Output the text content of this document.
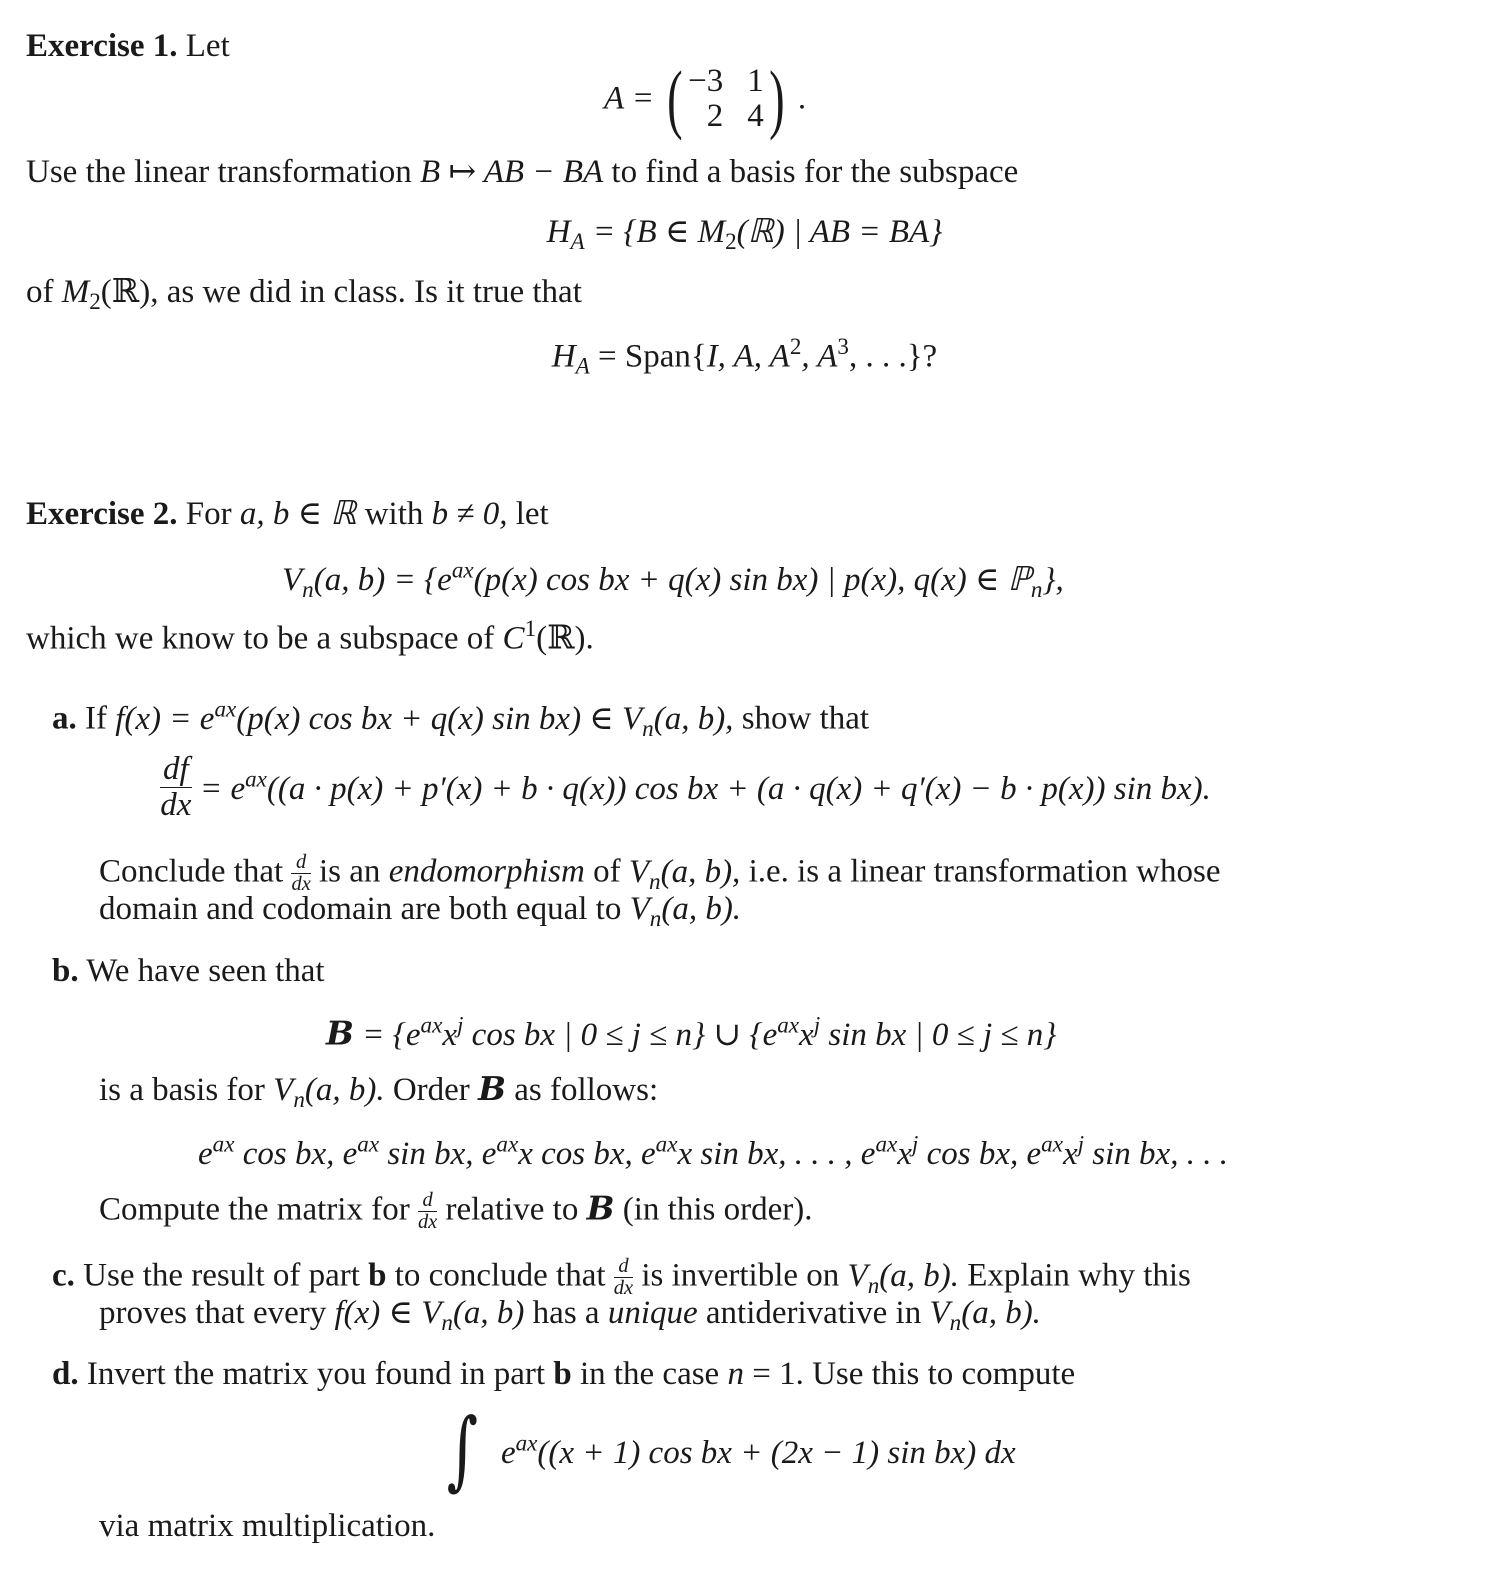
Exercise 1. Let
A = ( −3 1
2 4 ) .
Use the linear transformation B ↦ AB − BA to find a basis for the subspace
$H_A = \{B$ ∈ $M_2(ℝ)$ | AB = BA}
of $M_2(ℝ)$, as we did in class. Is it true that
$H_A$ = Span{I, A, $A^2$, $A^3$, . . .}?
Exercise 2. For a, b ∈ ℝ with b ≠ 0, let
$V_n(a$, $b) = \{e^{ax}(p(x)$ cos bx + q(x) sin bx) | p(x), q(x) ∈ ℙ$_n$},
which we know to be a subspace of $C^1(ℝ)$.
a. If $f(x) = e^{ax}(p(x)$ cos bx + q(x) sin bx) ∈ $V_n(a$, b), show that
$\frac{df}{dx} = e^{ax}((a \cdot p(x) + p'(x) + b \cdot q(x))$ cos bx + (a · q(x) + q′(x) − b · p(x)) sin bx).
Conclude that $\frac{d}{dx}$ is an endomorphism of $V_n(a$, b), i.e. is a linear transformation whose
domain and codomain are both equal to $V_n(a$, b).
b. We have seen that
$B = \{e^{ax}x^j$ cos bx | 0 ≤ j ≤ n} ∪ {$e^{ax}x^j$ sin bx | 0 ≤ j ≤ n}
is a basis for $V_n(a$, b). Order B as follows:
$e^{ax}$ cos bx, $e^{ax}$ sin bx, $e^{ax}x$ cos bx, $e^{ax}x$ sin bx, . . . , $e^{ax}x^j$ cos bx, $e^{ax}x^j$ sin bx, . . .
Compute the matrix for $\frac{d}{dx}$ relative to B (in this order).
c. Use the result of part b to conclude that $\frac{d}{dx}$ is invertible on $V_n(a$, b). Explain why this
proves that every f(x) ∈ $V_n(a$, b) has a unique antiderivative in $V_n(a$, b).
d. Invert the matrix you found in part b in the case n = 1. Use this to compute
∫ $e^{ax}((x + 1)$ cos bx + (2x − 1) sin bx) dx
via matrix multiplication.
